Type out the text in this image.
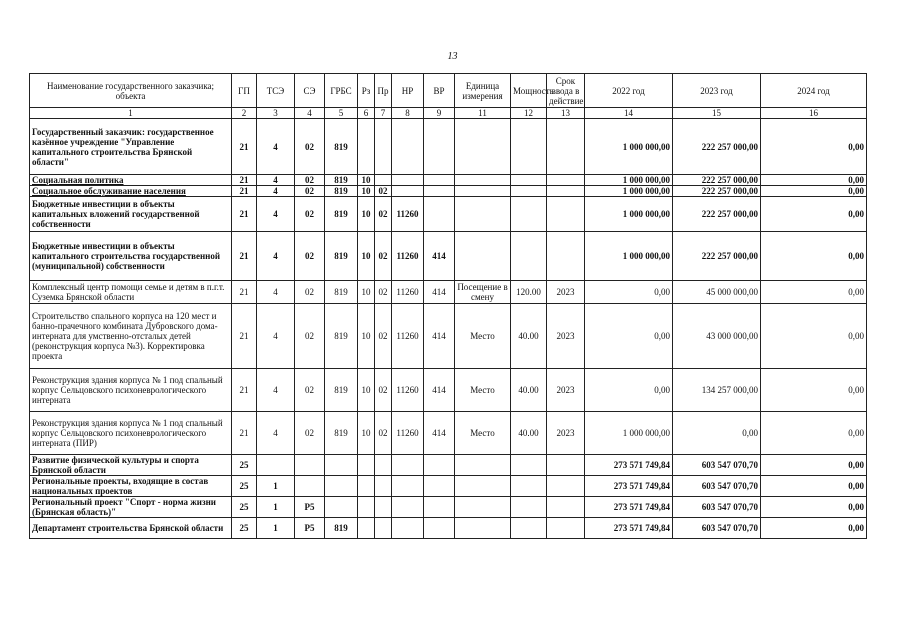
13
Наименование государственного заказчика; объекта	ГП	ТСЭ	СЭ	ГРБС	Рз	Пр	НР	ВР	Единица измерения	Мощность	Срок ввода в действие	2022 год	2023 год	2024 год
1	2	3	4	5	6	7	8	9	11	12	13	14	15	16
Государственный заказчик: государственное казённое учреждение "Управление капитального строительства Брянской области"	21	4	02	819								1 000 000,00	222 257 000,00	0,00
Социальная политика	21	4	02	819	10							1 000 000,00	222 257 000,00	0,00
Социальное обслуживание населения	21	4	02	819	10	02						1 000 000,00	222 257 000,00	0,00
Бюджетные инвестиции в объекты капитальных вложений государственной собственности	21	4	02	819	10	02	11260					1 000 000,00	222 257 000,00	0,00
Бюджетные инвестиции в объекты капитального строительства государственной (муниципальной) собственности	21	4	02	819	10	02	11260	414				1 000 000,00	222 257 000,00	0,00
Комплексный центр помощи семье и детям в п.г.т. Суземка Брянской области	21	4	02	819	10	02	11260	414	Посещение в смену	120.00	2023	0,00	45 000 000,00	0,00
Строительство спального корпуса на 120 мест и банно-прачечного комбината Дубровского дома-интерната для умственно-отсталых детей (реконструкция корпуса №3). Корректировка проекта	21	4	02	819	10	02	11260	414	Место	40.00	2023	0,00	43 000 000,00	0,00
Реконструкция здания корпуса № 1 под спальный корпус Сельцовского психоневрологического интерната	21	4	02	819	10	02	11260	414	Место	40.00	2023	0,00	134 257 000,00	0,00
Реконструкция здания корпуса № 1 под спальный корпус Сельцовского психоневрологического интерната (ПИР)	21	4	02	819	10	02	11260	414	Место	40.00	2023	1 000 000,00	0,00	0,00
Развитие физической культуры и спорта Брянской области	25											273 571 749,84	603 547 070,70	0,00
Региональные проекты, входящие в состав национальных проектов	25	1										273 571 749,84	603 547 070,70	0,00
Региональный проект "Спорт - норма жизни (Брянская область)"	25	1	P5									273 571 749,84	603 547 070,70	0,00
Департамент строительства Брянской области	25	1	P5	819								273 571 749,84	603 547 070,70	0,00
